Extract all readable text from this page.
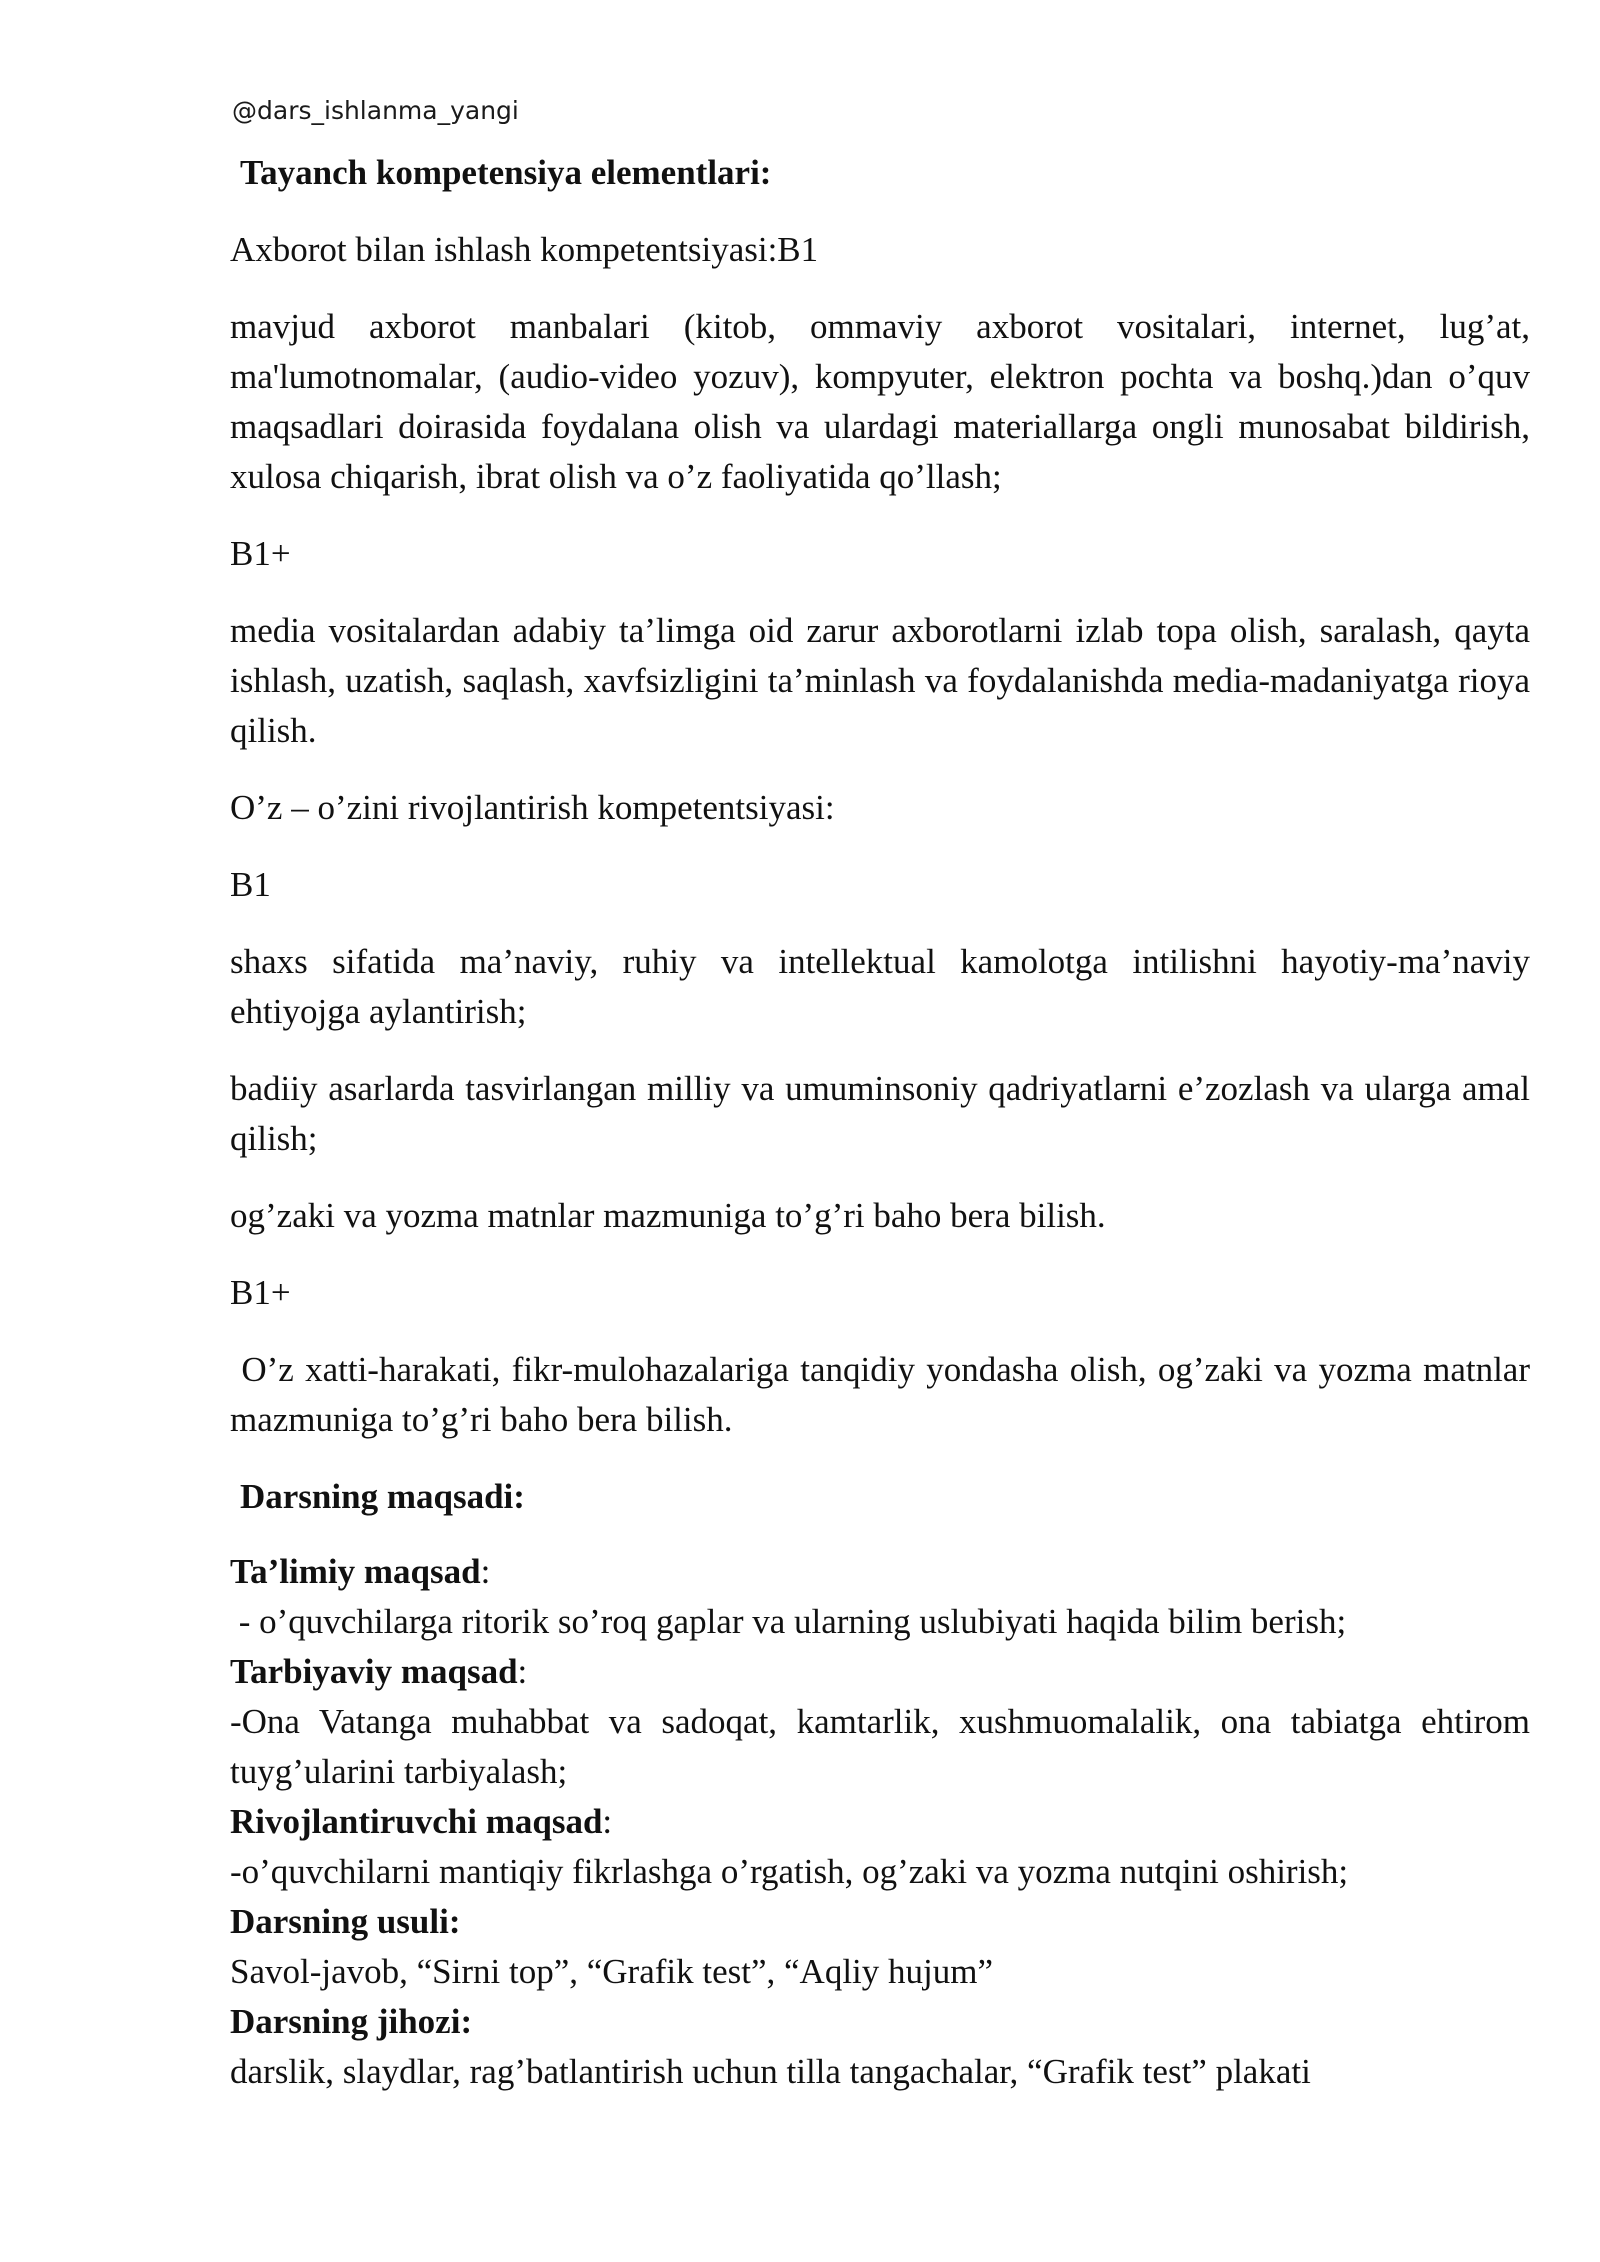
@dars_ishlanma_yangi

Tayanch kompetensiya elementlari:

Axborot bilan ishlash kompetentsiyasi:B1

mavjud axborot manbalari (kitob, ommaviy axborot vositalari, internet, lug’at, ma'lumotnomalar, (audio-video yozuv), kompyuter, elektron pochta va boshq.)dan o’quv maqsadlari doirasida foydalana olish va ulardagi materiallarga ongli munosabat bildirish, xulosa chiqarish, ibrat olish va o’z faoliyatida qo’llash;

B1+

media vositalardan adabiy ta’limga oid zarur axborotlarni izlab topa olish, saralash, qayta ishlash, uzatish, saqlash, xavfsizligini ta’minlash va foydalanishda media-madaniyatga rioya qilish.

O’z – o’zini rivojlantirish kompetentsiyasi:

B1

shaxs sifatida ma’naviy, ruhiy va intellektual kamolotga intilishni hayotiy-ma’naviy ehtiyojga aylantirish;

badiiy asarlarda tasvirlangan milliy va umuminsoniy qadriyatlarni e’zozlash va ularga amal qilish;

og’zaki va yozma matnlar mazmuniga to’g’ri baho bera bilish.

B1+

O’z xatti-harakati, fikr-mulohazalariga tanqidiy yondasha olish, og’zaki va yozma matnlar mazmuniga to’g’ri baho bera bilish.

Darsning maqsadi:

Ta’limiy maqsad:
- o’quvchilarga ritorik so’roq gaplar va ularning uslubiyati haqida bilim berish;
Tarbiyaviy maqsad:
-Ona Vatanga muhabbat va sadoqat, kamtarlik, xushmuomalalik, ona tabiatga ehtirom tuyg’ularini tarbiyalash;
Rivojlantiruvchi maqsad:
-o’quvchilarni mantiqiy fikrlashga o’rgatish, og’zaki va yozma nutqini oshirish;
Darsning usuli:
Savol-javob, “Sirni top”, “Grafik test”, “Aqliy hujum”
Darsning jihozi:
darslik, slaydlar, rag’batlantirish uchun tilla tangachalar, “Grafik test” plakati
